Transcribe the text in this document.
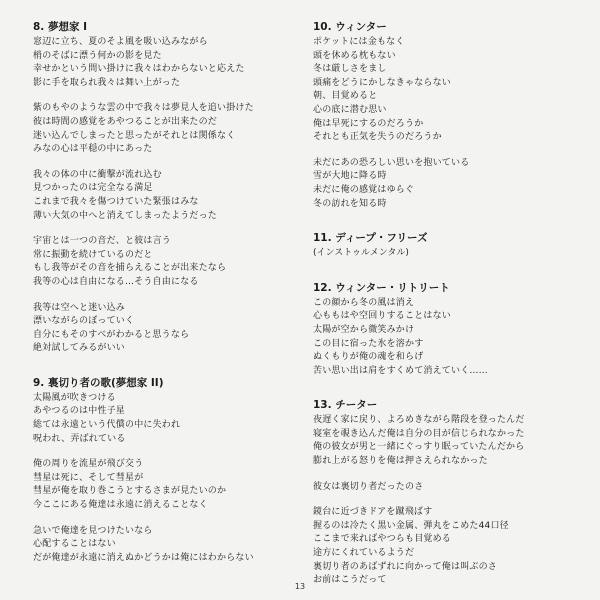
8. 夢想家 I
窓辺に立ち、夏のそよ風を吸い込みながら
梢のそばに漂う何かの影を見た
幸せかという問い掛けに我々はわからないと応えた
影に手を取られ我々は舞い上がった
紫のもやのような雲の中で我々は夢見人を追い掛けた
彼は時間の感覚をあやつることが出来たのだ
迷い込んでしまったと思ったがそれとは関係なく
みなの心は平穏の中にあった
我々の体の中に衝撃が流れ込む
見つかったのは完全なる満足
これまで我々を傷つけていた緊張はみな
薄い大気の中へと消えてしまったようだった
宇宙とは一つの音だ、と彼は言う
常に振動を続けているのだと
もし我等がその音を捕らえることが出来たなら
我等の心は自由になる…そう自由になる
我等は空へと迷い込み
漂いながらのぼっていく
自分にもそのすべがわかると思うなら
絶対試してみるがいい
9. 裏切り者の歌(夢想家 II)
太陽風が吹きつける
あやつるのは中性子星
総ては永遠という代償の中に失われ
呪われ、弄ばれている
俺の周りを流星が飛び交う
彗星は死に、そして彗星が
彗星が俺を取り巻こうとするさまが見たいのか
今ここにある俺達は永遠に消えることなく
急いで俺達を見つけたいなら
心配することはない
だが俺達が永遠に消えぬかどうかは俺にはわからない
10. ウィンター
ポケットには金もなく
頭を休める枕もない
冬は厳しさをまし
頭痛をどうにかしなきゃならない
朝、目覚めると
心の底に潜む思い
俺は早死にするのだろうか
それとも正気を失うのだろうか
未だにあの恐ろしい思いを抱いている
雪が大地に降る時
未だに俺の感覚はゆらぐ
冬の訪れを知る時
11. ディープ・フリーズ
(インストゥルメンタル)
12. ウィンター・リトリート
この顔から冬の風は消え
心ももはや空回りすることはない
太陽が空から微笑みかけ
この目に宿った氷を溶かす
ぬくもりが俺の魂を和らげ
苦い思い出は肩をすくめて消えていく……
13. チーター
夜遅く家に戻り、よろめきながら階段を登ったんだ
寝室を覗き込んだ俺は自分の目が信じられなかった
俺の彼女が男と一緒にぐっすり眠っていたんだから
膨れ上がる怒りを俺は押さえられなかった
彼女は裏切り者だったのさ
鏡台に近づきドアを蹴飛ばす
握るのは冷たく黒い金属、弾丸をこめた44口径
ここまで来ればやつらも目覚める
途方にくれているようだ
裏切り者のあばずれに向かって俺は叫ぶのさ
お前はこうだって
13
